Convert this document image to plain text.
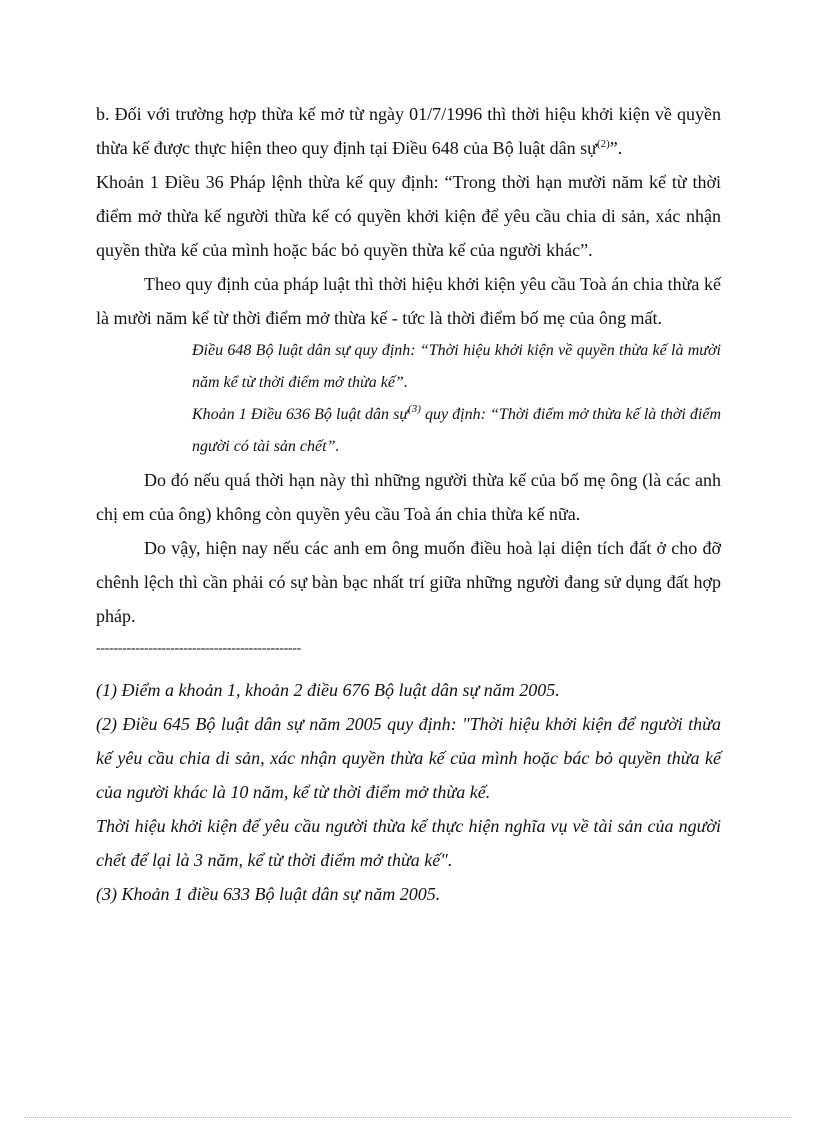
b. Đối với trường hợp thừa kế mở từ ngày 01/7/1996 thì thời hiệu khởi kiện về quyền thừa kế được thực hiện theo quy định tại Điều 648 của Bộ luật dân sự$^{(2)}$”.

Khoản 1 Điều 36 Pháp lệnh thừa kế quy định: “Trong thời hạn mười năm kể từ thời điểm mở thừa kế người thừa kế có quyền khởi kiện để yêu cầu chia di sản, xác nhận quyền thừa kế của mình hoặc bác bỏ quyền thừa kế của người khác”.

Theo quy định của pháp luật thì thời hiệu khởi kiện yêu cầu Toà án chia thừa kế là mười năm kể từ thời điểm mở thừa kế - tức là thời điểm bố mẹ của ông mất.

Điều 648 Bộ luật dân sự quy định: “Thời hiệu khởi kiện về quyền thừa kế là mười năm kể từ thời điểm mở thừa kế”.

Khoản 1 Điều 636 Bộ luật dân sự$^{(3)}$ quy định: “Thời điểm mở thừa kế là thời điểm người có tài sản chết”.

Do đó nếu quá thời hạn này thì những người thừa kế của bố mẹ ông (là các anh chị em của ông) không còn quyền yêu cầu Toà án chia thừa kế nữa.

Do vậy, hiện nay nếu các anh em ông muốn điều hoà lại diện tích đất ở cho đỡ chênh lệch thì cần phải có sự bàn bạc nhất trí giữa những người đang sử dụng đất hợp pháp.

-----------------------------------------------

(1) Điểm a khoản 1, khoản 2 điều 676 Bộ luật dân sự năm 2005.

(2) Điều 645 Bộ luật dân sự năm 2005 quy định: "Thời hiệu khởi kiện để người thừa kế yêu cầu chia di sản, xác nhận quyền thừa kế của mình hoặc bác bỏ quyền thừa kế của người khác là 10 năm, kể từ thời điểm mở thừa kế.

Thời hiệu khởi kiện để yêu cầu người thừa kế thực hiện nghĩa vụ về tài sản của người chết để lại là 3 năm, kể từ thời điểm mở thừa kế".

(3) Khoản 1 điều 633 Bộ luật dân sự năm 2005.
